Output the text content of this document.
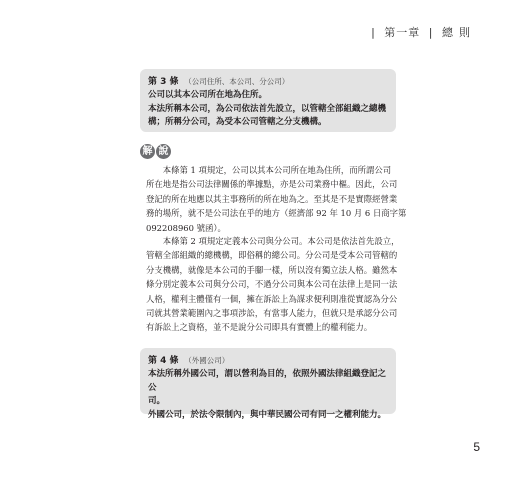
| 第一章 | 總則
第 3 條 （公司住所、本公司、分公司）
公司以其本公司所在地為住所。
本法所稱本公司，為公司依法首先設立，以管轄全部組織之總機
構；所稱分公司，為受本公司管轄之分支機構。
解 說
　　本條第 1 項規定，公司以其本公司所在地為住所，而所謂公司
所在地是指公司法律關係的準據點，亦是公司業務中樞。因此，公司
登記的所在地應以其主事務所的所在地為之。至其是不是實際經營業
務的場所，就不是公司法在乎的地方（經濟部 92 年 10 月 6 日商字第
092208960 號函）。
　　本條第 2 項規定定義本公司與分公司。本公司是依法首先設立，
管轄全部組織的總機構，即俗稱的總公司。分公司是受本公司管轄的
分支機構，就像是本公司的手腳一樣，所以沒有獨立法人格。雖然本
條分別定義本公司與分公司，不過分公司與本公司在法律上是同一法
人格，權利主體僅有一個，擁在訴訟上為謀求便利則准從實認為分公
司就其營業範圍內之事項涉訟，有當事人能力，但就只是承認分公司
有訴訟上之資格，並不是說分公司即具有實體上的權利能力。
第 4 條 （外國公司）
本法所稱外國公司，謂以營利為目的，依照外國法律組織登記之公
司。
外國公司，於法令限制內，與中華民國公司有同一之權利能力。
5
